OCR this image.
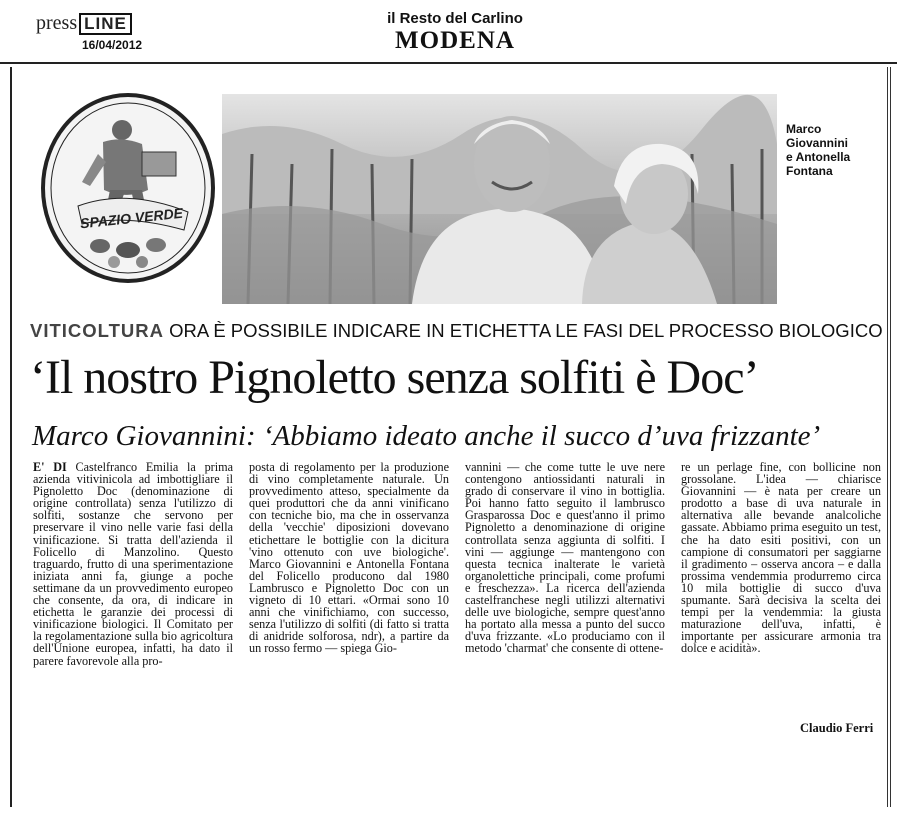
press LINE
16/04/2012
il Resto del Carlino
MODENA
SPAZIO VERDE
Marco
Giovannini
e Antonella
Fontana
VITICOLTURA ORA È POSSIBILE INDICARE IN ETICHETTA LE FASI DEL PROCESSO BIOLOGICO
‘Il nostro Pignoletto senza solfiti è Doc’
Marco Giovannini: ‘Abbiamo ideato anche il succo d’uva frizzante’

E' DI Castelfranco Emilia la prima azienda vitivinicola ad imbottigliare il Pignoletto Doc (denominazione di origine controllata) senza l'utilizzo di solfiti, sostanze che servono per preservare il vino nelle varie fasi della vinificazione. Si tratta dell'azienda il Folicello di Manzolino. Questo traguardo, frutto di una sperimentazione iniziata anni fa, giunge a poche settimane da un provvedimento europeo che consente, da ora, di indicare in etichetta le garanzie dei processi di vinificazione biologici. Il Comitato per la regolamentazione sulla bio agricoltura dell'Unione europea, infatti, ha dato il parere favorevole alla pro-

posta di regolamento per la produzione di vino completamente naturale. Un provvedimento atteso, specialmente da quei produttori che da anni vinificano con tecniche bio, ma che in osservanza della 'vecchie' diposizioni dovevano etichettare le bottiglie con la dicitura 'vino ottenuto con uve biologiche'. Marco Giovannini e Antonella Fontana del Folicello producono dal 1980 Lambrusco e Pignoletto Doc con un vigneto di 10 ettari. «Ormai sono 10 anni che vinifichiamo, con successo, senza l'utilizzo di solfiti (di fatto si tratta di anidride solforosa, ndr), a partire da un rosso fermo — spiega Gio-

vannini — che come tutte le uve nere contengono antiossidanti naturali in grado di conservare il vino in bottiglia. Poi hanno fatto seguito il lambrusco Grasparossa Doc e quest'anno il primo Pignoletto a denominazione di origine controllata senza aggiunta di solfiti. I vini — aggiunge — mantengono con questa tecnica inalterate le varietà organolettiche principali, come profumi e freschezza». La ricerca dell'azienda castelfranchese negli utilizzi alternativi delle uve biologiche, sempre quest'anno ha portato alla messa a punto del succo d'uva frizzante. «Lo produciamo con il metodo 'charmat' che consente di ottene-

re un perlage fine, con bollicine non grossolane. L'idea — chiarisce Giovannini — è nata per creare un prodotto a base di uva naturale in alternativa alle bevande analcoliche gassate. Abbiamo prima eseguito un test, che ha dato esiti positivi, con un campione di consumatori per saggiarne il gradimento – osserva ancora – e dalla prossima vendemmia produrremo circa 10 mila bottiglie di succo d'uva spumante. Sarà decisiva la scelta dei tempi per la vendemmia: la giusta maturazione dell'uva, infatti, è importante per assicurare armonia tra dolce e acidità».

Claudio Ferri
